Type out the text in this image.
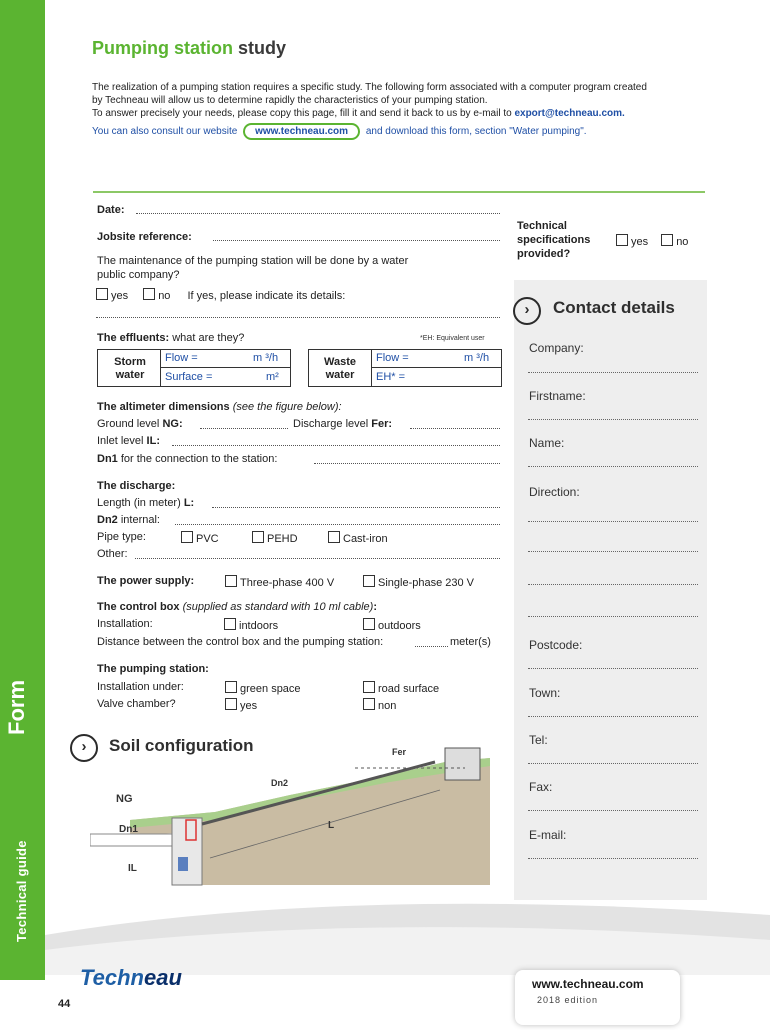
Form
Technical guide
Pumping station study
The realization of a pumping station requires a specific study. The following form associated with a computer program created
by Techneau will allow us to determine rapidly the characteristics of your pumping station.
To answer precisely your needs, please copy this page, fill it and send it back to us by e-mail to export@techneau.com.
You can also consult our website www.techneau.com and download this form, section "Water pumping".
Date:
Jobsite reference:
The maintenance of the pumping station will be done by a water
public company?
yes	no If yes, please indicate its details:
Technical specifications provided?
yes	no
The effluents: what are they?	*EH: Equivalent user
Storm water
Flow =	m ³/h
Surface =	m²
Waste water
Flow =	m ³/h
EH* =
The altimeter dimensions (see the figure below):
Ground level NG:	Discharge level Fer:
Inlet level IL:
Dn1 for the connection to the station:
The discharge:
Length (in meter) L:
Dn2 internal:
Pipe type:	PVC	PEHD	Cast-iron
Other:
The power supply:	Three-phase 400 V	Single-phase 230 V
The control box (supplied as standard with 10 ml cable):
Installation:	intdoors	outdoors
Distance between the control box and the pumping station:	meter(s)
The pumping station:
Installation under:	green space	road surface
Valve chamber?	yes	non
›	Contact details
Company:
Firstname:
Name:
Direction:
Postcode:
Town:
Tel:
Fax:
E-mail:
›	Soil configuration	Fer
Dn2
NG
Dn1	L
IL
Techneau
44
www.techneau.com
2018 edition
